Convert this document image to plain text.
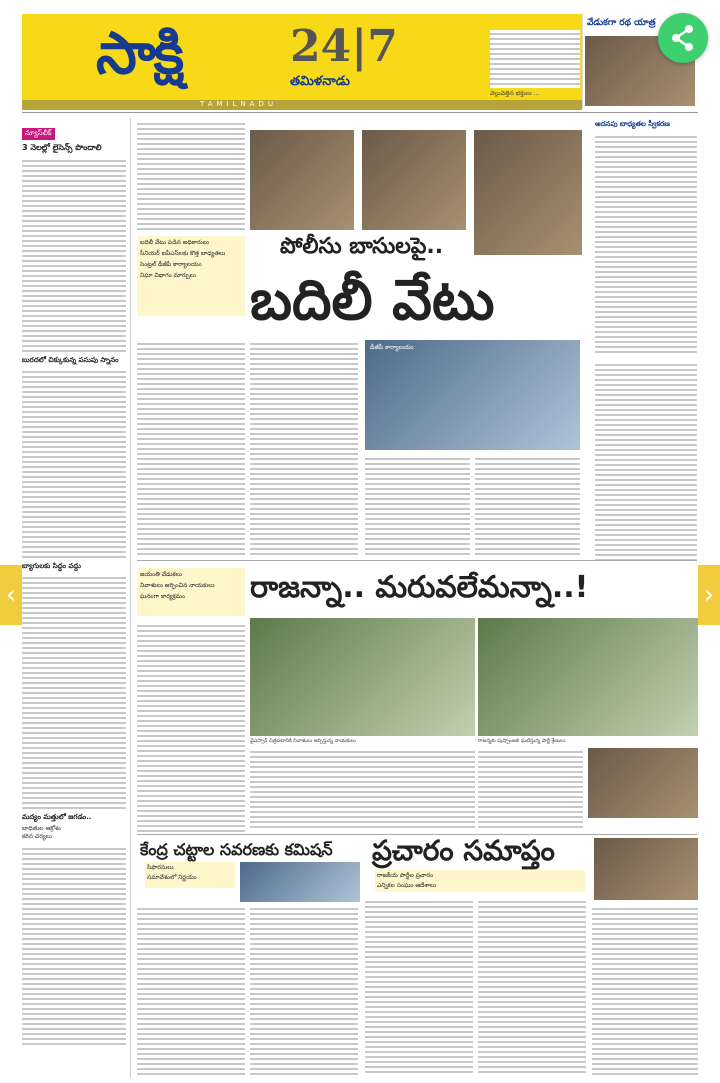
సాక్షి 24|7
తమిళనాడు
TAMILNADU
వేడుకగా రథ యాత్ర
వెల్లువెత్తిన భక్తులు ...
న్యూస్‌లీక్
3 నెలల్లో లైసెన్స్ పొందాలి
బురదలో చిక్కుకున్న పసుపు స్నానం
బ్యాగులకు సిద్ధం వద్దు
మద్యం మత్తులో జగడం..
బాధితుల ఆక్రోశం
కఠిన చర్యలు
బదిలీ వేటు పడిన అధికారులు
సీనియర్ ఐపీఎస్‌లకు కొత్త బాధ్యతలు
సెంట్రల్ డీజీపీ కార్యాలయం
నిఘా విభాగం మార్పులు
పోలీసు బాసులపై..
బదిలీ వేటు
అదనపు బాధ్యతల స్వీకరణ
డీజీపీ కార్యాలయం
జయంతి వేడుకలు
నివాళులు అర్పించిన నాయకులు
ఘనంగా కార్యక్రమం	రాజన్నా.. మరువలేమన్నా..!
వైఎస్సార్‌ చిత్రపటానికి నివాళులు అర్పిస్తున్న నాయకులు	రాజన్నకు పుష్పాంజలి ఘటిస్తున్న పార్టీ శ్రేణులు
కేంద్ర చట్టాల సవరణకు కమిషన్ ప్రచారం సమాప్తం
సిఫారసులు
సమావేశంలో నిర్ణయం	రాజకీయ పార్టీల ప్రచారం
ఎన్నికల సంఘం ఆదేశాలు
‹	›
